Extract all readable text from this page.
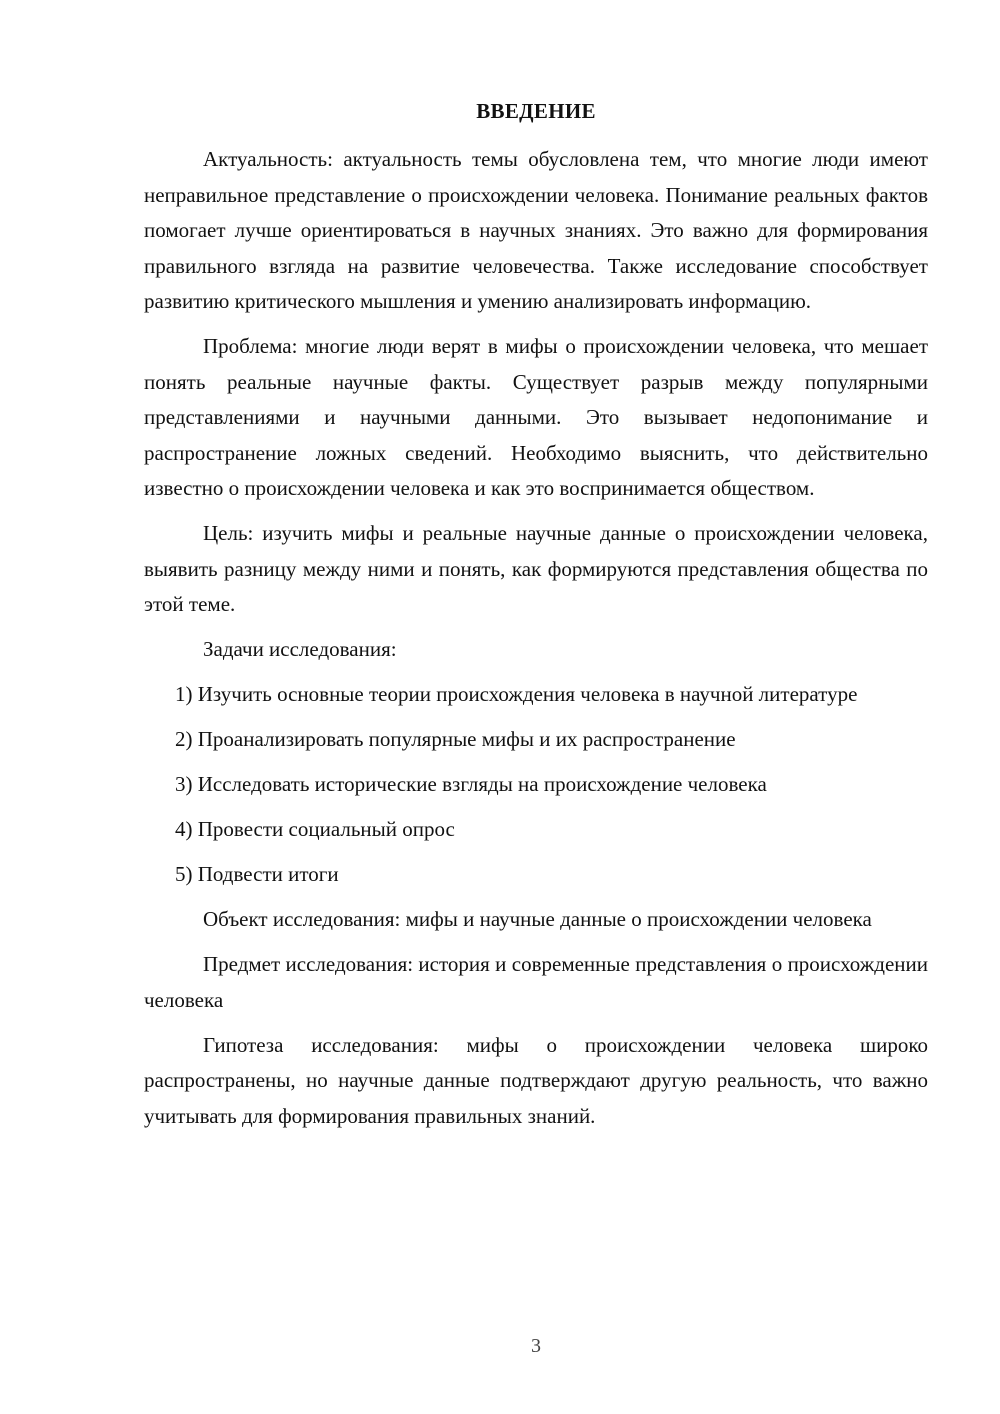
ВВЕДЕНИЕ

Актуальность: актуальность темы обусловлена тем, что многие люди имеют неправильное представление о происхождении человека. Понимание реальных фактов помогает лучше ориентироваться в научных знаниях. Это важно для формирования правильного взгляда на развитие человечества. Также исследование способствует развитию критического мышления и умению анализировать информацию.

Проблема: многие люди верят в мифы о происхождении человека, что мешает понять реальные научные факты. Существует разрыв между популярными представлениями и научными данными. Это вызывает недопонимание и распространение ложных сведений. Необходимо выяснить, что действительно известно о происхождении человека и как это воспринимается обществом.

Цель: изучить мифы и реальные научные данные о происхождении человека, выявить разницу между ними и понять, как формируются представления общества по этой теме.

Задачи исследования:

1) Изучить основные теории происхождения человека в научной литературе

2) Проанализировать популярные мифы и их распространение

3) Исследовать исторические взгляды на происхождение человека

4) Провести социальный опрос

5) Подвести итоги

Объект исследования: мифы и научные данные о происхождении человека

Предмет исследования: история и современные представления о происхождении человека

Гипотеза исследования: мифы о происхождении человека широко распространены, но научные данные подтверждают другую реальность, что важно учитывать для формирования правильных знаний.

3
